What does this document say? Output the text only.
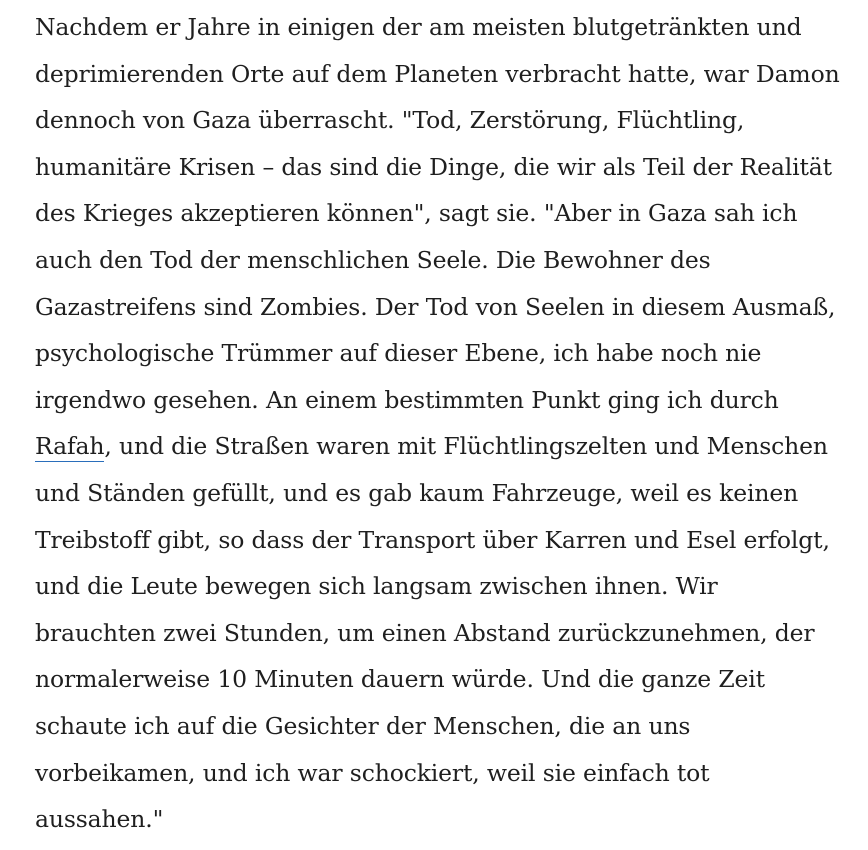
Nachdem er Jahre in einigen der am meisten blutgetränkten und
deprimierenden Orte auf dem Planeten verbracht hatte, war Damon
dennoch von Gaza überrascht. "Tod, Zerstörung, Flüchtling,
humanitäre Krisen – das sind die Dinge, die wir als Teil der Realität
des Krieges akzeptieren können", sagt sie. "Aber in Gaza sah ich
auch den Tod der menschlichen Seele. Die Bewohner des
Gazastreifens sind Zombies. Der Tod von Seelen in diesem Ausmaß,
psychologische Trümmer auf dieser Ebene, ich habe noch nie
irgendwo gesehen. An einem bestimmten Punkt ging ich durch
Rafah, und die Straßen waren mit Flüchtlingszelten und Menschen
und Ständen gefüllt, und es gab kaum Fahrzeuge, weil es keinen
Treibstoff gibt, so dass der Transport über Karren und Esel erfolgt,
und die Leute bewegen sich langsam zwischen ihnen. Wir
brauchten zwei Stunden, um einen Abstand zurückzunehmen, der
normalerweise 10 Minuten dauern würde. Und die ganze Zeit
schaute ich auf die Gesichter der Menschen, die an uns
vorbeikamen, und ich war schockiert, weil sie einfach tot
aussahen."
